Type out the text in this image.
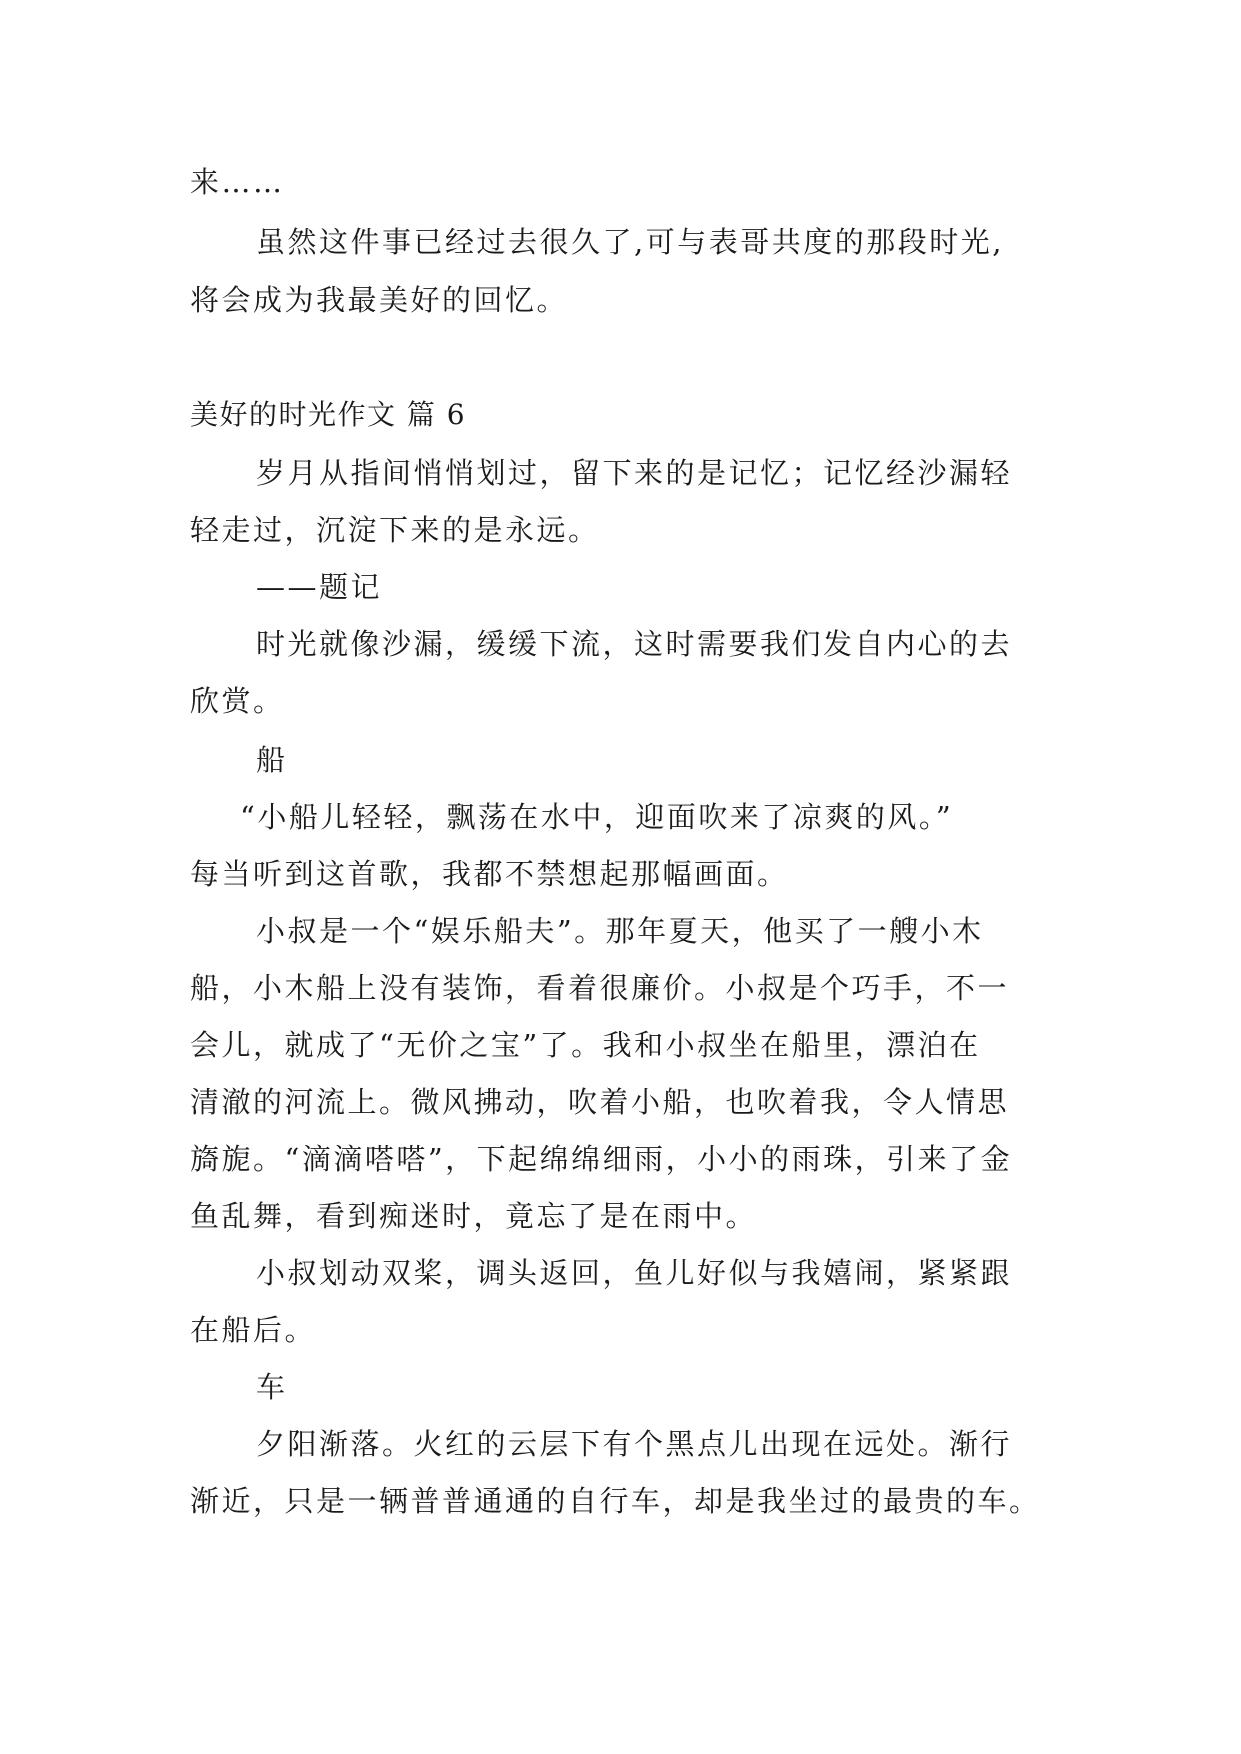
来……
虽然这件事已经过去很久了,可与表哥共度的那段时光,
将会成为我最美好的回忆。
美好的时光作文 篇 6
岁月从指间悄悄划过，留下来的是记忆；记忆经沙漏轻
轻走过，沉淀下来的是永远。
——题记
时光就像沙漏，缓缓下流，这时需要我们发自内心的去
欣赏。
船
“小船儿轻轻，飘荡在水中，迎面吹来了凉爽的风。”
每当听到这首歌，我都不禁想起那幅画面。
小叔是一个“娱乐船夫”。那年夏天，他买了一艘小木
船，小木船上没有装饰，看着很廉价。小叔是个巧手，不一
会儿，就成了“无价之宝”了。我和小叔坐在船里，漂泊在
清澈的河流上。微风拂动，吹着小船，也吹着我，令人情思
旖旎。“滴滴嗒嗒”，下起绵绵细雨，小小的雨珠，引来了金
鱼乱舞，看到痴迷时，竟忘了是在雨中。
小叔划动双桨，调头返回，鱼儿好似与我嬉闹，紧紧跟
在船后。
车
夕阳渐落。火红的云层下有个黑点儿出现在远处。渐行
渐近，只是一辆普普通通的自行车，却是我坐过的最贵的车。
